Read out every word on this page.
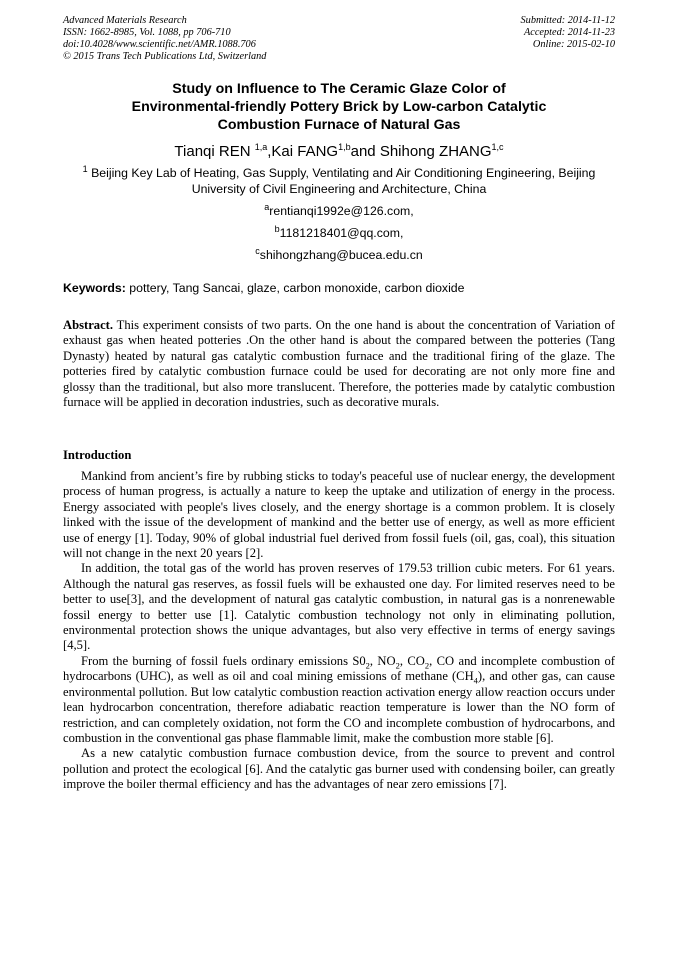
Advanced Materials Research
ISSN: 1662-8985, Vol. 1088, pp 706-710
doi:10.4028/www.scientific.net/AMR.1088.706
© 2015 Trans Tech Publications Ltd, Switzerland
Submitted: 2014-11-12
Accepted: 2014-11-23
Online: 2015-02-10
Study on Influence to The Ceramic Glaze Color of
Environmental-friendly Pottery Brick by Low-carbon Catalytic
Combustion Furnace of Natural Gas
Tianqi REN $^{1,a}$,Kai FANG$^{1,b}$and Shihong ZHANG$^{1,c}$
$^1$ Beijing Key Lab of Heating, Gas Supply, Ventilating and Air Conditioning Engineering, Beijing
University of Civil Engineering and Architecture, China
$^a$rentianqi1992e@126.com,
$^b$1181218401@qq.com,
$^c$shihongzhang@bucea.edu.cn
Keywords: pottery, Tang Sancai, glaze, carbon monoxide, carbon dioxide
Abstract. This experiment consists of two parts. On the one hand is about the concentration of Variation of exhaust gas when heated potteries .On the other hand is about the compared between the potteries (Tang Dynasty) heated by natural gas catalytic combustion furnace and the traditional firing of the glaze. The potteries fired by catalytic combustion furnace could be used for decorating are not only more fine and glossy than the traditional, but also more translucent. Therefore, the potteries made by catalytic combustion furnace will be applied in decoration industries, such as decorative murals.
Introduction

Mankind from ancient’s fire by rubbing sticks to today's peaceful use of nuclear energy, the development process of human progress, is actually a nature to keep the uptake and utilization of energy in the process. Energy associated with people's lives closely, and the energy shortage is a common problem. It is closely linked with the issue of the development of mankind and the better use of energy, as well as more efficient use of energy [1]. Today, 90% of global industrial fuel derived from fossil fuels (oil, gas, coal), this situation will not change in the next 20 years [2].

In addition, the total gas of the world has proven reserves of 179.53 trillion cubic meters. For 61 years. Although the natural gas reserves, as fossil fuels will be exhausted one day. For limited reserves need to be better to use[3], and the development of natural gas catalytic combustion, in natural gas is a nonrenewable fossil energy to better use [1]. Catalytic combustion technology not only in eliminating pollution, environmental protection shows the unique advantages, but also very effective in terms of energy savings [4,5].

From the burning of fossil fuels ordinary emissions $S0_2$, $NO_2$, $CO_2$, CO and incomplete combustion of hydrocarbons (UHC), as well as oil and coal mining emissions of methane $(CH_4)$, and other gas, can cause environmental pollution. But low catalytic combustion reaction activation energy allow reaction occurs under lean hydrocarbon concentration, therefore adiabatic reaction temperature is lower than the NO form of restriction, and can completely oxidation, not form the CO and incomplete combustion of hydrocarbons, and combustion in the conventional gas phase flammable limit, make the combustion more stable [6].

As a new catalytic combustion furnace combustion device, from the source to prevent and control pollution and protect the ecological [6]. And the catalytic gas burner used with condensing boiler, can greatly improve the boiler thermal efficiency and has the advantages of near zero emissions [7].
